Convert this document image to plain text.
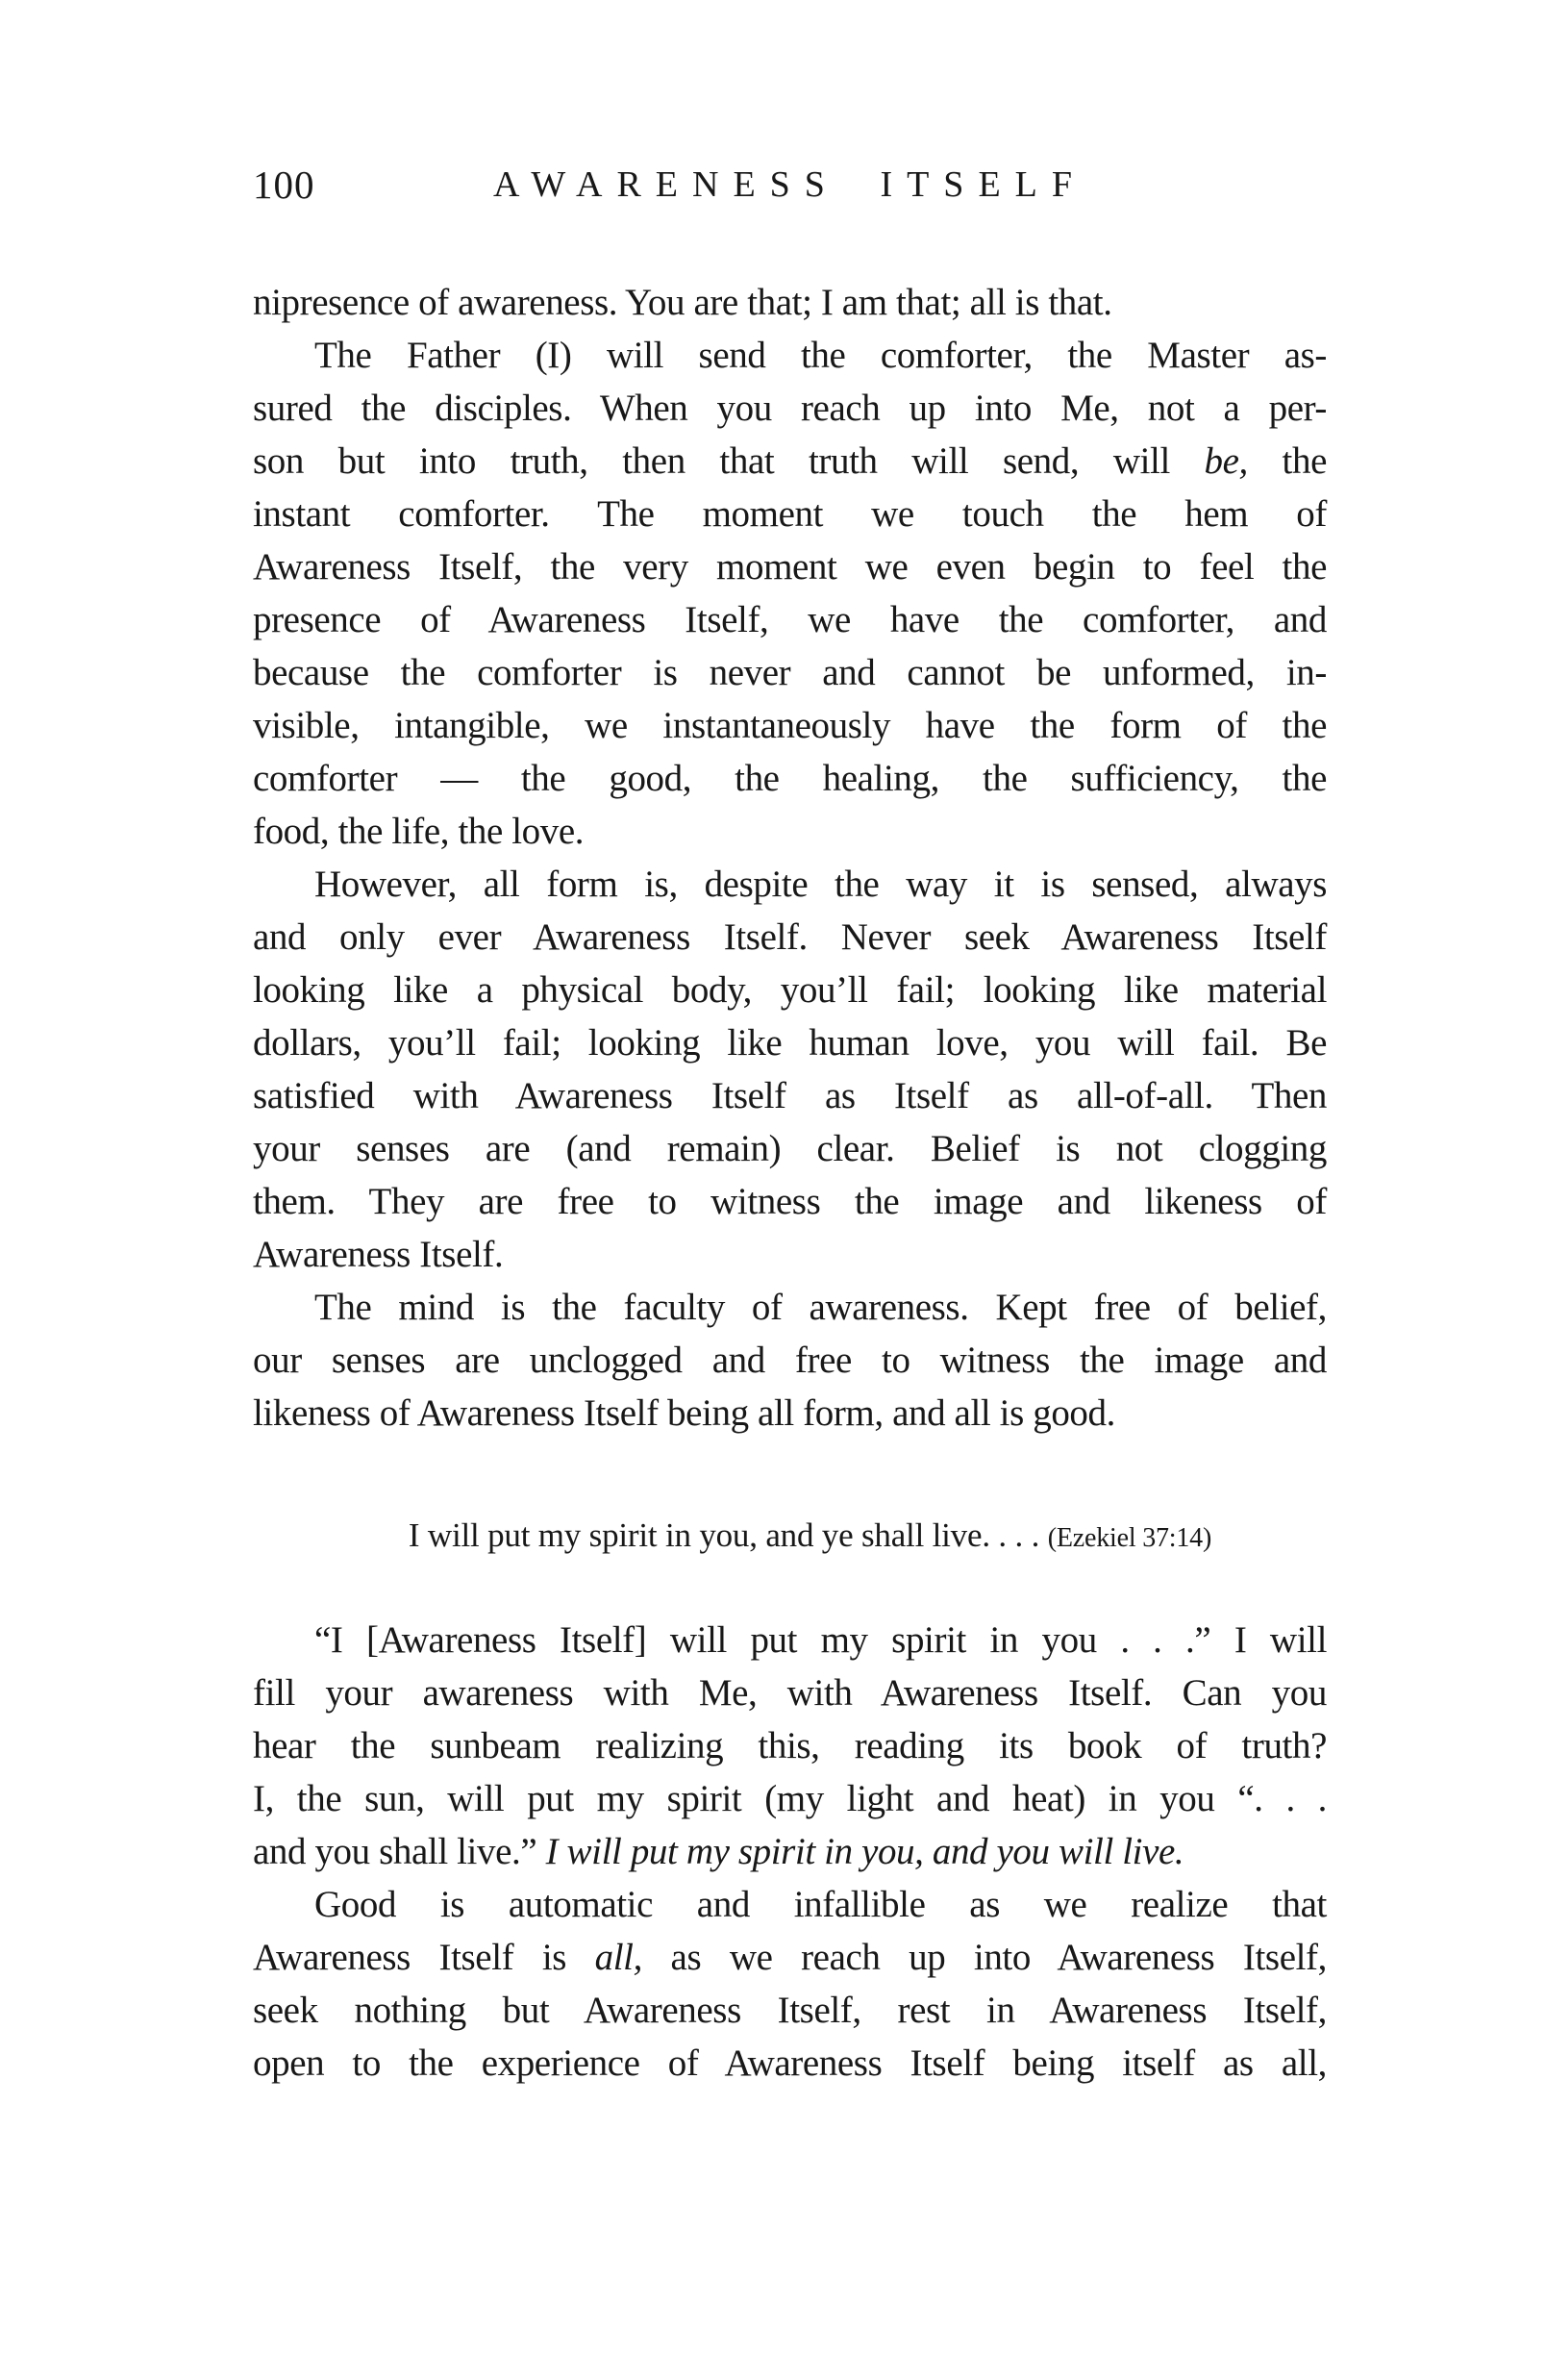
100	AWARENESS ITSELF
nipresence of awareness. You are that; I am that; all is that.
The Father (I) will send the comforter, the Master as-
sured the disciples. When you reach up into Me, not a per-
son but into truth, then that truth will send, will be, the
instant comforter. The moment we touch the hem of
Awareness Itself, the very moment we even begin to feel the
presence of Awareness Itself, we have the comforter, and
because the comforter is never and cannot be unformed, in-
visible, intangible, we instantaneously have the form of the
comforter — the good, the healing, the sufficiency, the
food, the life, the love.
However, all form is, despite the way it is sensed, always
and only ever Awareness Itself. Never seek Awareness Itself
looking like a physical body, you’ll fail; looking like material
dollars, you’ll fail; looking like human love, you will fail. Be
satisfied with Awareness Itself as Itself as all-of-all. Then
your senses are (and remain) clear. Belief is not clogging
them. They are free to witness the image and likeness of
Awareness Itself.
The mind is the faculty of awareness. Kept free of belief,
our senses are unclogged and free to witness the image and
likeness of Awareness Itself being all form, and all is good.
I will put my spirit in you, and ye shall live. . . . (Ezekiel 37:14)
“I [Awareness Itself] will put my spirit in you . . .” I will
fill your awareness with Me, with Awareness Itself. Can you
hear the sunbeam realizing this, reading its book of truth?
I, the sun, will put my spirit (my light and heat) in you “. . .
and you shall live.” I will put my spirit in you, and you will live.
Good is automatic and infallible as we realize that
Awareness Itself is all, as we reach up into Awareness Itself,
seek nothing but Awareness Itself, rest in Awareness Itself,
open to the experience of Awareness Itself being itself as all,
